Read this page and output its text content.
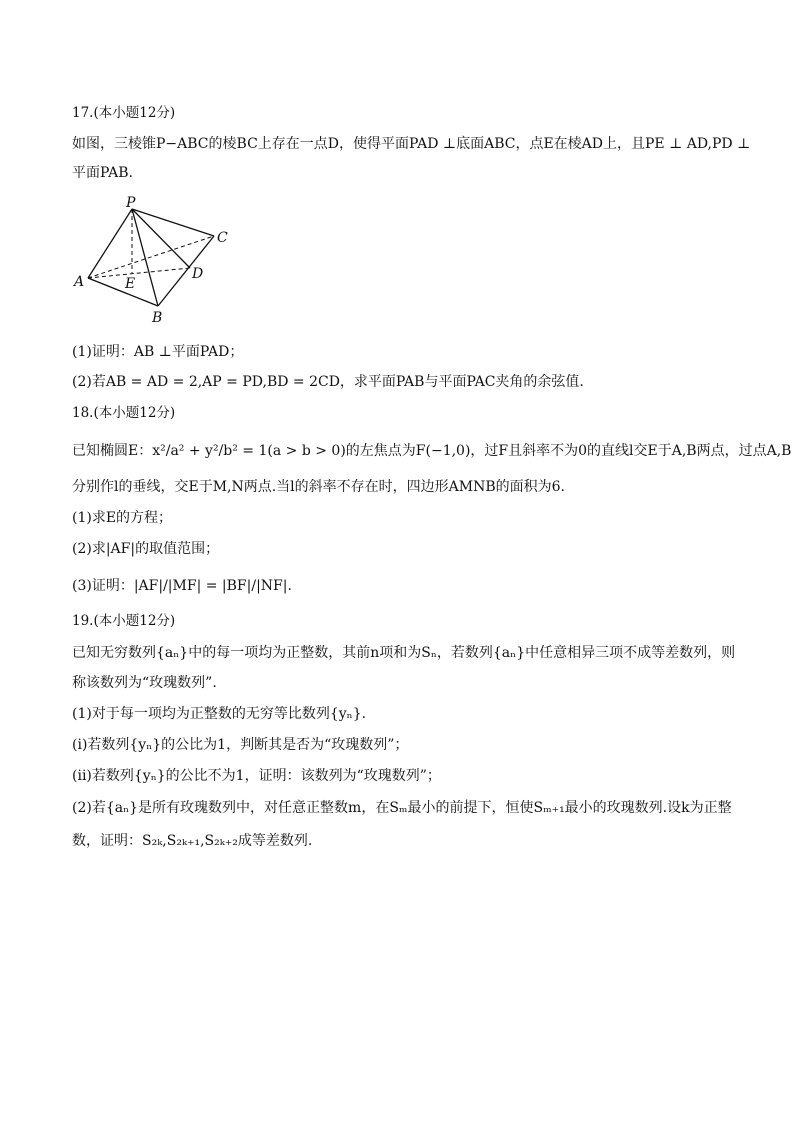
17.(本小题12分)
如图，三棱锥P−ABC的棱BC上存在一点D，使得平面PAD ⊥底面ABC，点E在棱AD上，且PE ⊥ AD,PD ⊥
平面PAB.
P
C
A	E
D
B
(1)证明：AB ⊥平面PAD；
(2)若AB = AD = 2,AP = PD,BD = 2CD，求平面PAB与平面PAC夹角的余弦值.
18.(本小题12分)
已知椭圆E：x²/a² + y²/b² = 1(a > b > 0)的左焦点为F(−1,0)，过F且斜率不为0的直线l交E于A,B两点，过点A,B
分别作l的垂线，交E于M,N两点.当l的斜率不存在时，四边形AMNB的面积为6.
(1)求E的方程；
(2)求|AF|的取值范围；
(3)证明：|AF|/|MF| = |BF|/|NF|.
19.(本小题12分)
已知无穷数列{aₙ}中的每一项均为正整数，其前n项和为Sₙ，若数列{aₙ}中任意相异三项不成等差数列，则
称该数列为“玫瑰数列”.
(1)对于每一项均为正整数的无穷等比数列{yₙ}.
(i)若数列{yₙ}的公比为1，判断其是否为“玫瑰数列”；
(ii)若数列{yₙ}的公比不为1，证明：该数列为“玫瑰数列”；
(2)若{aₙ}是所有玫瑰数列中，对任意正整数m，在Sₘ最小的前提下，恒使Sₘ₊₁最小的玫瑰数列.设k为正整
数，证明：S₂ₖ,S₂ₖ₊₁,S₂ₖ₊₂成等差数列.
